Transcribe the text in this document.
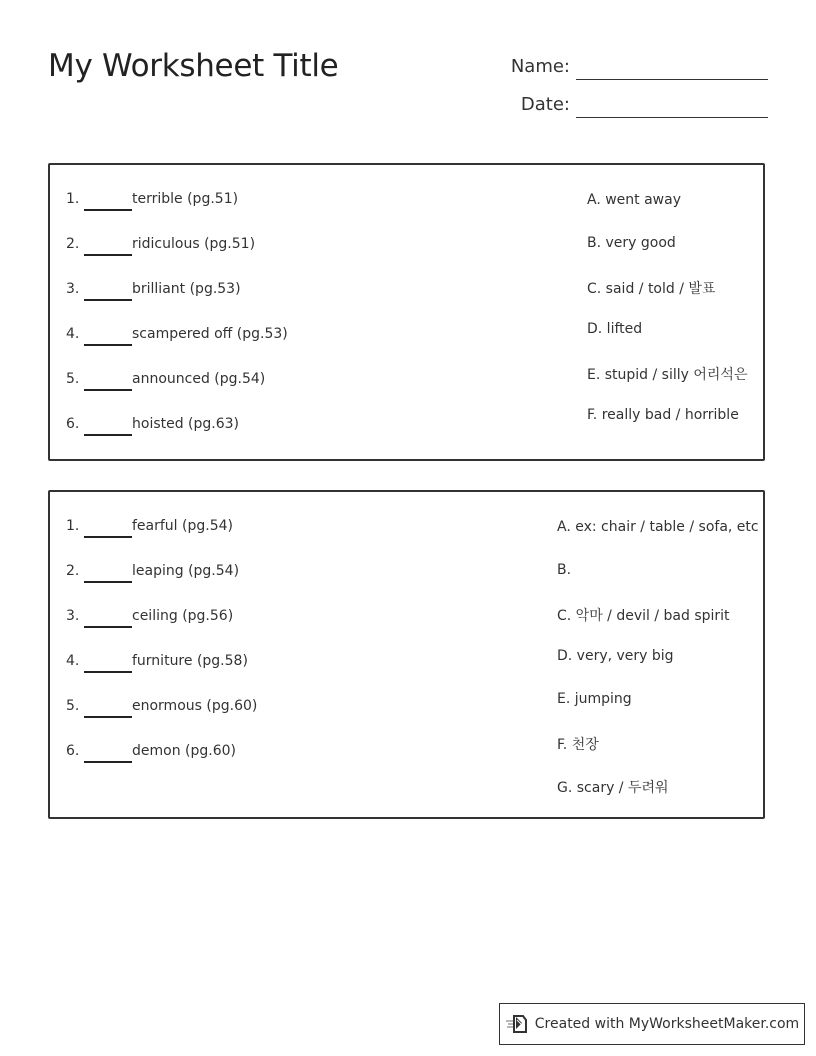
My Worksheet Title	Name:
Date:
1.	terrible (pg.51)
2.	ridiculous (pg.51)
3.	brilliant (pg.53)
4.	scampered off (pg.53)
5.	announced (pg.54)
6.	hoisted (pg.63)
A. went away
B. very good
C. said / told / 발표
D. lifted
E. stupid / silly 어리석은
F. really bad / horrible
1.	fearful (pg.54)
2.	leaping (pg.54)
3.	ceiling (pg.56)
4.	furniture (pg.58)
5.	enormous (pg.60)
6.	demon (pg.60)
A. ex: chair / table / sofa, etc
B.
C. 악마 / devil / bad spirit
D. very, very big
E. jumping
F. 천장
G. scary / 두려워
Created with MyWorksheetMaker.com
